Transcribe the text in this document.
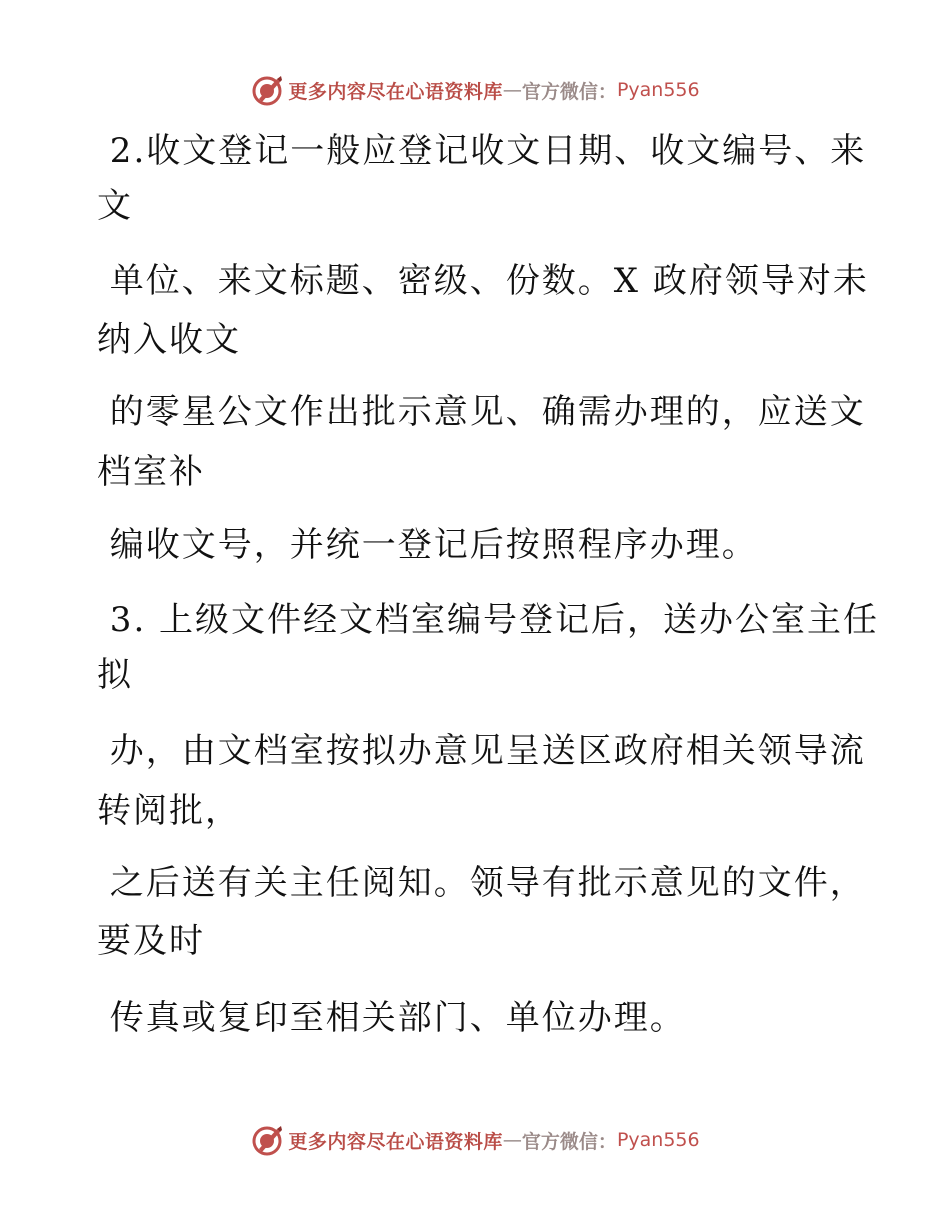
更多内容尽在心语资料库 — 官方微信： Pyan556
2.收文登记一般应登记收文日期、收文编号、来
文
单位、来文标题、密级、份数。X 政府领导对未
纳入收文
的零星公文作出批示意见、确需办理的，应送文
档室补
编收文号，并统一登记后按照程序办理。
3. 上级文件经文档室编号登记后，送办公室主任
拟
办，由文档室按拟办意见呈送区政府相关领导流
转阅批，
之后送有关主任阅知。领导有批示意见的文件，
要及时
传真或复印至相关部门、单位办理。
更多内容尽在心语资料库 — 官方微信： Pyan556
